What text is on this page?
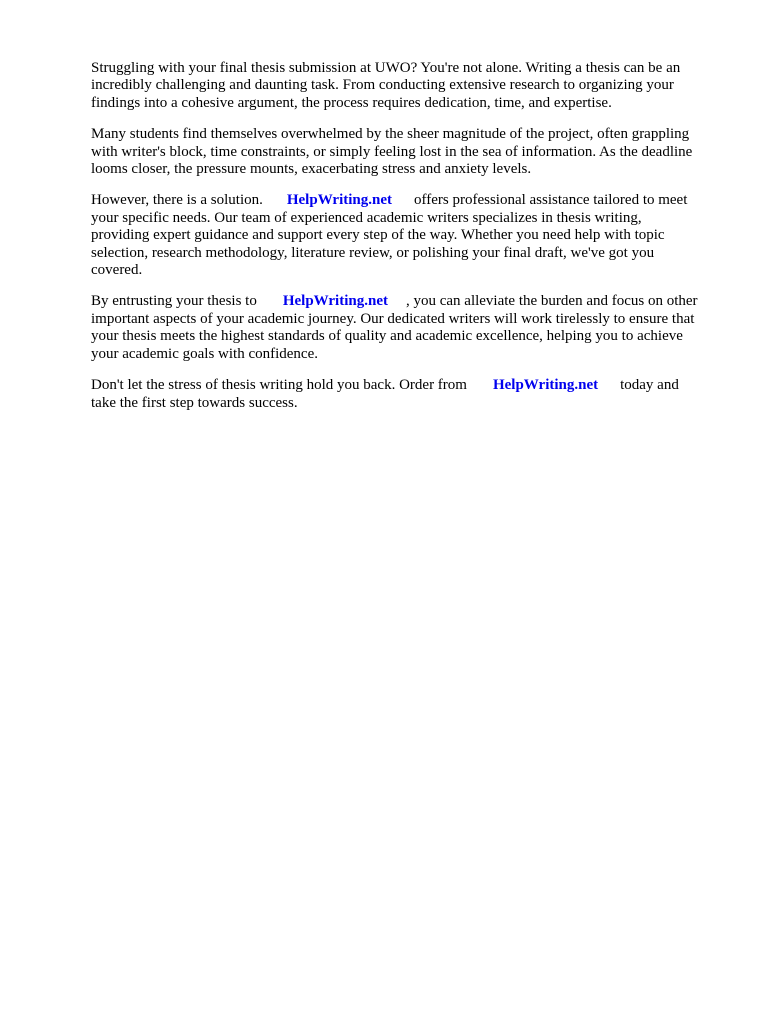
Struggling with your final thesis submission at UWO? You're not alone. Writing a thesis can be an
incredibly challenging and daunting task. From conducting extensive research to organizing your
findings into a cohesive argument, the process requires dedication, time, and expertise.

Many students find themselves overwhelmed by the sheer magnitude of the project, often grappling
with writer's block, time constraints, or simply feeling lost in the sea of information. As the deadline
looms closer, the pressure mounts, exacerbating stress and anxiety levels.

However, there is a solution. HelpWriting.net offers professional assistance tailored to meet
your specific needs. Our team of experienced academic writers specializes in thesis writing,
providing expert guidance and support every step of the way. Whether you need help with topic
selection, research methodology, literature review, or polishing your final draft, we've got you
covered.

By entrusting your thesis to HelpWriting.net , you can alleviate the burden and focus on other
important aspects of your academic journey. Our dedicated writers will work tirelessly to ensure that
your thesis meets the highest standards of quality and academic excellence, helping you to achieve
your academic goals with confidence.

Don't let the stress of thesis writing hold you back. Order from HelpWriting.net today and
take the first step towards success.
